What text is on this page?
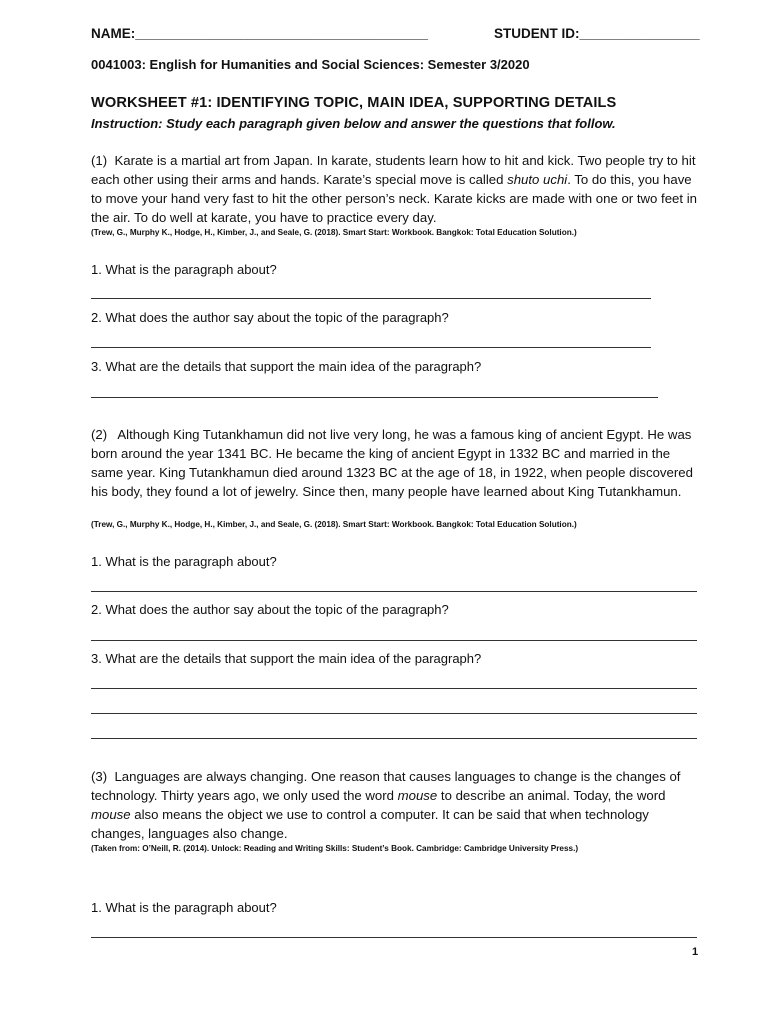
NAME:_______________________________________	STUDENT ID:________________
0041003: English for Humanities and Social Sciences: Semester 3/2020
WORKSHEET #1: IDENTIFYING TOPIC, MAIN IDEA, SUPPORTING DETAILS
Instruction: Study each paragraph given below and answer the questions that follow.
(1) Karate is a martial art from Japan. In karate, students learn how to hit and kick. Two people try to hit each other using their arms and hands. Karate’s special move is called shuto uchi. To do this, you have to move your hand very fast to hit the other person’s neck. Karate kicks are made with one or two feet in the air. To do well at karate, you have to practice every day.
(Trew, G., Murphy K., Hodge, H., Kimber, J., and Seale, G. (2018). Smart Start: Workbook. Bangkok: Total Education Solution.)
1. What is the paragraph about?
2. What does the author say about the topic of the paragraph?
3. What are the details that support the main idea of the paragraph?
(2) Although King Tutankhamun did not live very long, he was a famous king of ancient Egypt. He was born around the year 1341 BC. He became the king of ancient Egypt in 1332 BC and married in the same year. King Tutankhamun died around 1323 BC at the age of 18, in 1922, when people discovered his body, they found a lot of jewelry. Since then, many people have learned about King Tutankhamun.
(Trew, G., Murphy K., Hodge, H., Kimber, J., and Seale, G. (2018). Smart Start: Workbook. Bangkok: Total Education Solution.)
1. What is the paragraph about?
2. What does the author say about the topic of the paragraph?
3. What are the details that support the main idea of the paragraph?
(3) Languages are always changing. One reason that causes languages to change is the changes of technology. Thirty years ago, we only used the word mouse to describe an animal. Today, the word mouse also means the object we use to control a computer. It can be said that when technology changes, languages also change.
(Taken from: O’Neill, R. (2014). Unlock: Reading and Writing Skills: Student’s Book. Cambridge: Cambridge University Press.)
1. What is the paragraph about?
1
